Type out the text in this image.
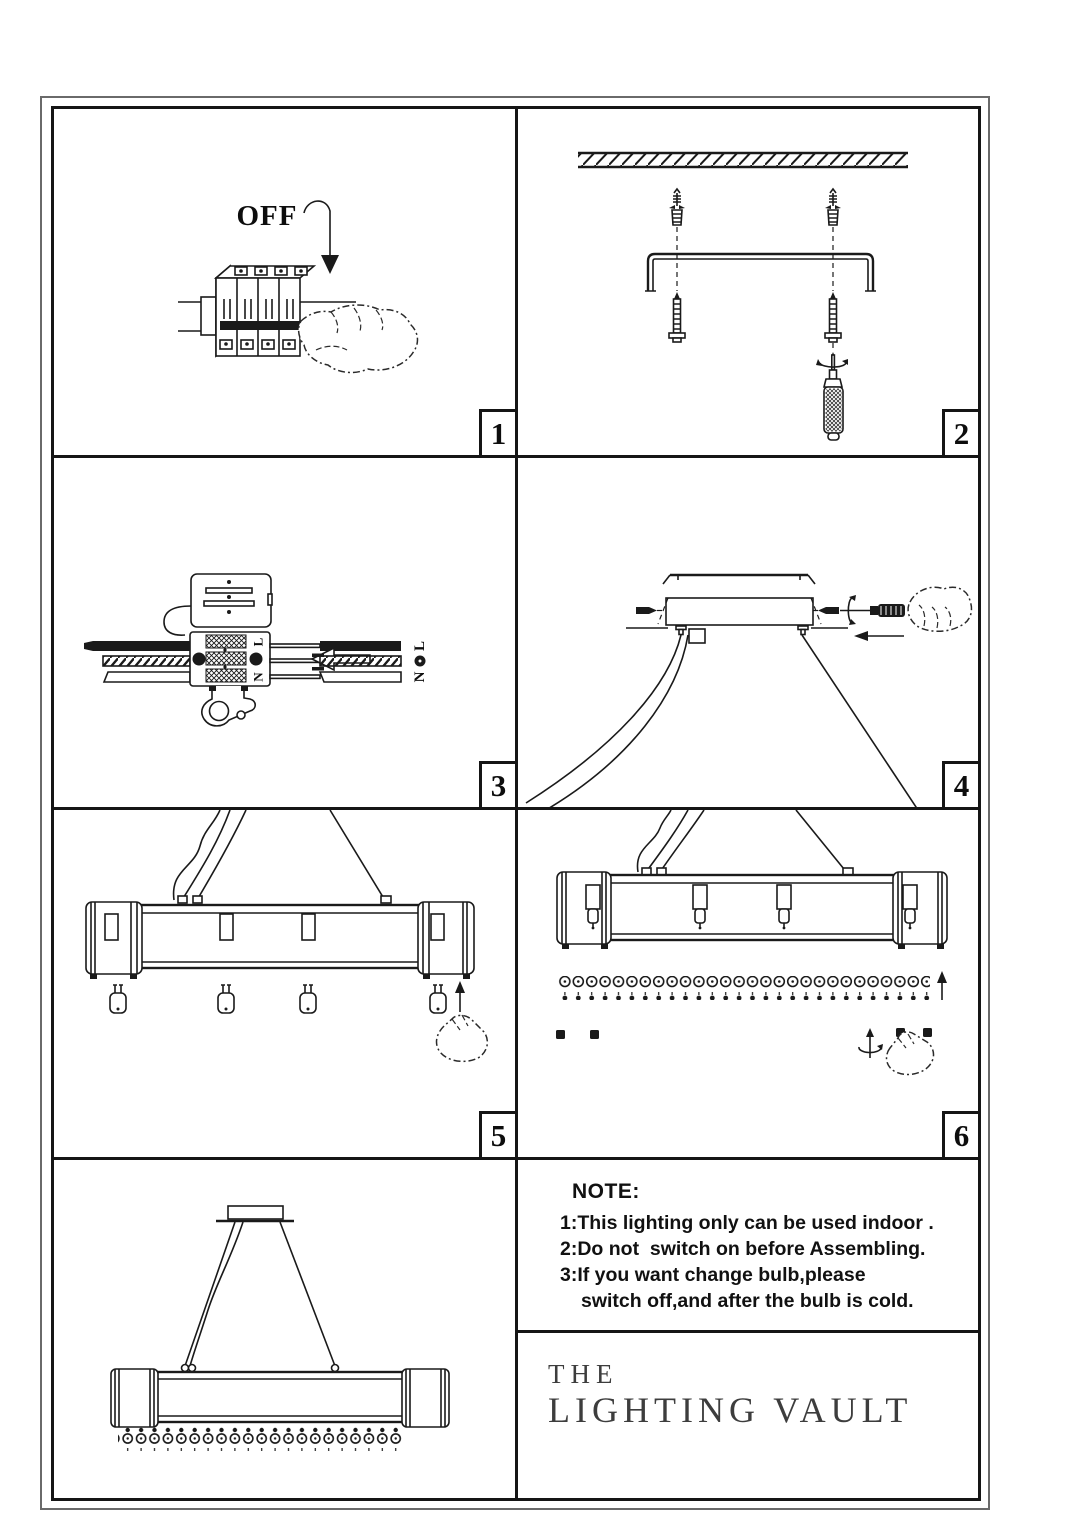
OFF
1	2
L
N
L
N
3	4
5	6
NOTE:
1:This lighting only can be used indoor .
2:Do not  switch on before Assembling.
3:If you want change bulb,please
switch off,and after the bulb is cold.
THE
LIGHTING VAULT
